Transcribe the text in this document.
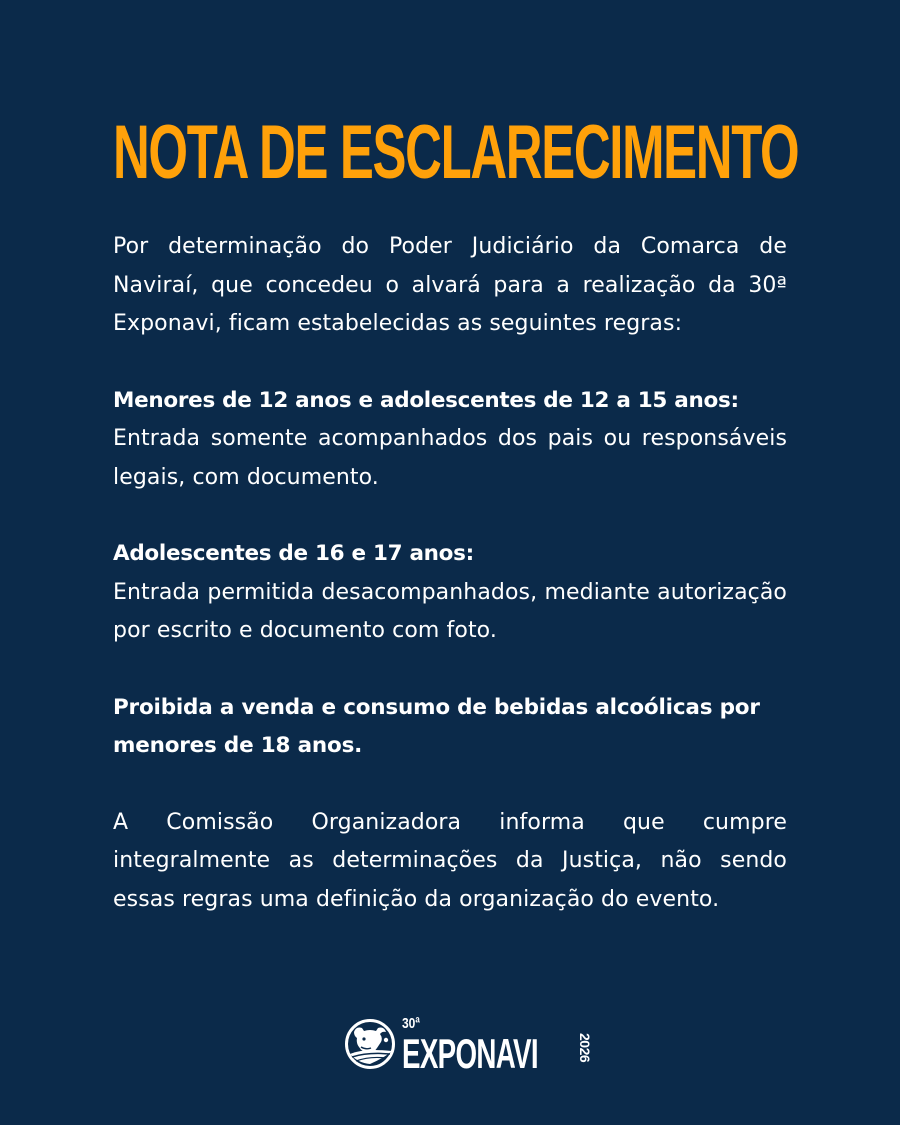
NOTA DE ESCLARECIMENTO

Por determinação do Poder Judiciário da Comarca de Naviraí, que concedeu o alvará para a realização da 30ª Exponavi, ficam estabelecidas as seguintes regras:

Menores de 12 anos e adolescentes de 12 a 15 anos:

Entrada somente acompanhados dos pais ou responsáveis legais, com documento.

Adolescentes de 16 e 17 anos:

Entrada permitida desacompanhados, mediante autorização por escrito e documento com foto.

Proibida a venda e consumo de bebidas alcoólicas por menores de 18 anos.

A Comissão Organizadora informa que cumpre integralmente as determinações da Justiça, não sendo essas regras uma definição da organização do evento.

30ª
EXPONAVI	2026
